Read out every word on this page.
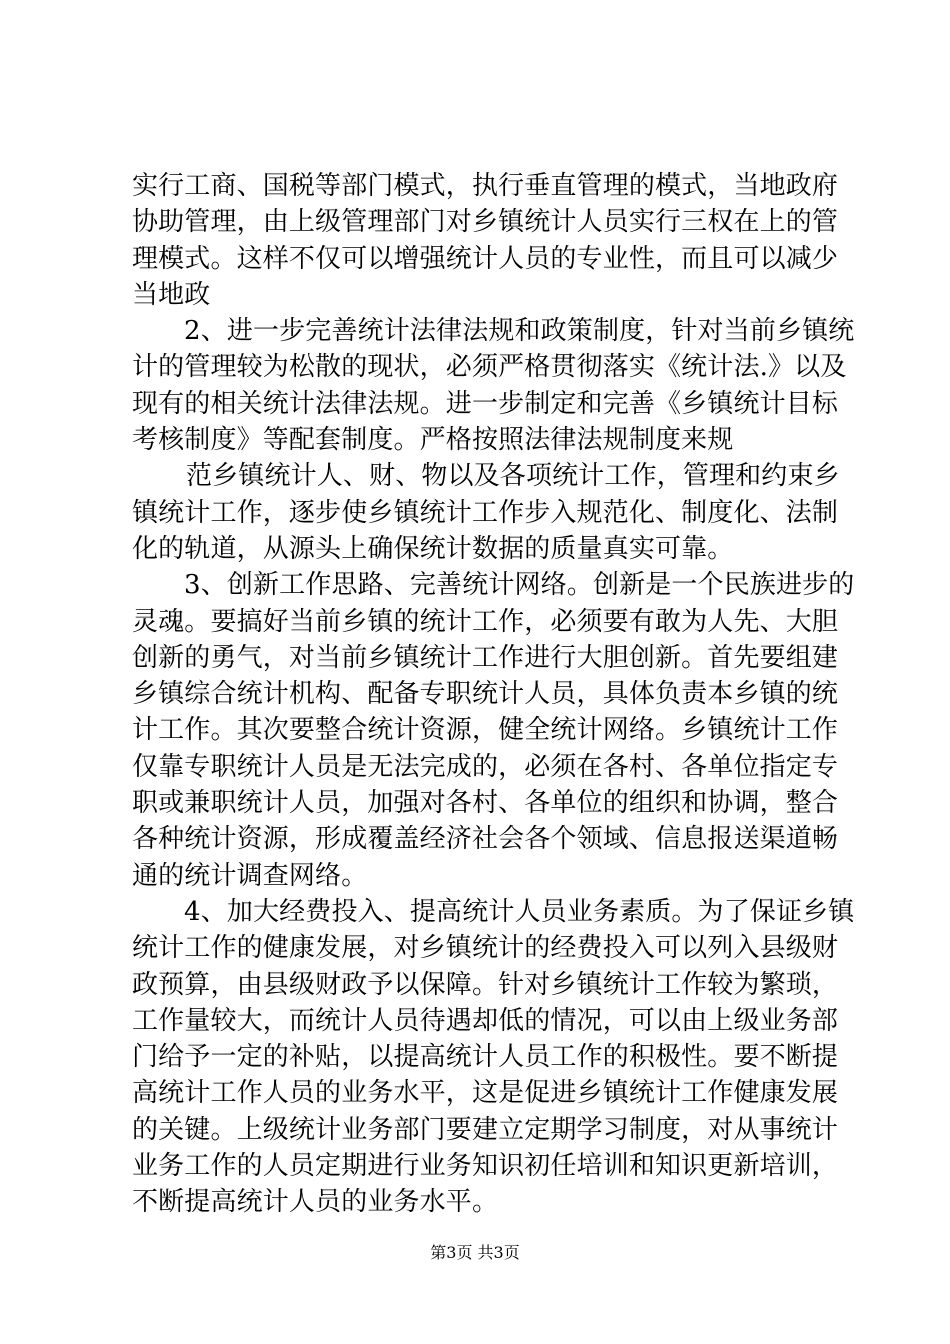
实行工商、国税等部门模式，执行垂直管理的模式，当地政府
协助管理，由上级管理部门对乡镇统计人员实行三权在上的管
理模式。这样不仅可以增强统计人员的专业性，而且可以减少
当地政
2、进一步完善统计法律法规和政策制度，针对当前乡镇统
计的管理较为松散的现状，必须严格贯彻落实《统计法.》以及
现有的相关统计法律法规。进一步制定和完善《乡镇统计目标
考核制度》等配套制度。严格按照法律法规制度来规
范乡镇统计人、财、物以及各项统计工作，管理和约束乡
镇统计工作，逐步使乡镇统计工作步入规范化、制度化、法制
化的轨道，从源头上确保统计数据的质量真实可靠。
3、创新工作思路、完善统计网络。创新是一个民族进步的
灵魂。要搞好当前乡镇的统计工作，必须要有敢为人先、大胆
创新的勇气，对当前乡镇统计工作进行大胆创新。首先要组建
乡镇综合统计机构、配备专职统计人员，具体负责本乡镇的统
计工作。其次要整合统计资源，健全统计网络。乡镇统计工作
仅靠专职统计人员是无法完成的，必须在各村、各单位指定专
职或兼职统计人员，加强对各村、各单位的组织和协调，整合
各种统计资源，形成覆盖经济社会各个领域、信息报送渠道畅
通的统计调查网络。
4、加大经费投入、提高统计人员业务素质。为了保证乡镇
统计工作的健康发展，对乡镇统计的经费投入可以列入县级财
政预算，由县级财政予以保障。针对乡镇统计工作较为繁琐，
工作量较大，而统计人员待遇却低的情况，可以由上级业务部
门给予一定的补贴，以提高统计人员工作的积极性。要不断提
高统计工作人员的业务水平，这是促进乡镇统计工作健康发展
的关键。上级统计业务部门要建立定期学习制度，对从事统计
业务工作的人员定期进行业务知识初任培训和知识更新培训，
不断提高统计人员的业务水平。
第3页 共3页
